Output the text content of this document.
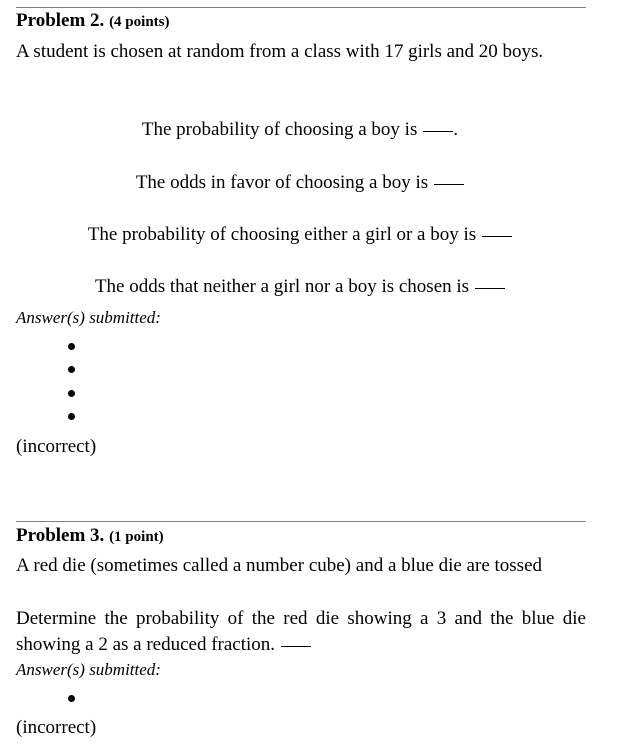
Problem 2. (4 points)
A student is chosen at random from a class with 17 girls and 20 boys.
The probability of choosing a boy is .
The odds in favor of choosing a boy is
The probability of choosing either a girl or a boy is
The odds that neither a girl nor a boy is chosen is
Answer(s) submitted:
(incorrect)
Problem 3. (1 point)
A red die (sometimes called a number cube) and a blue die are tossed
Determine the probability of the red die showing a 3 and the blue die showing a 2 as a reduced fraction.
Answer(s) submitted:
(incorrect)
